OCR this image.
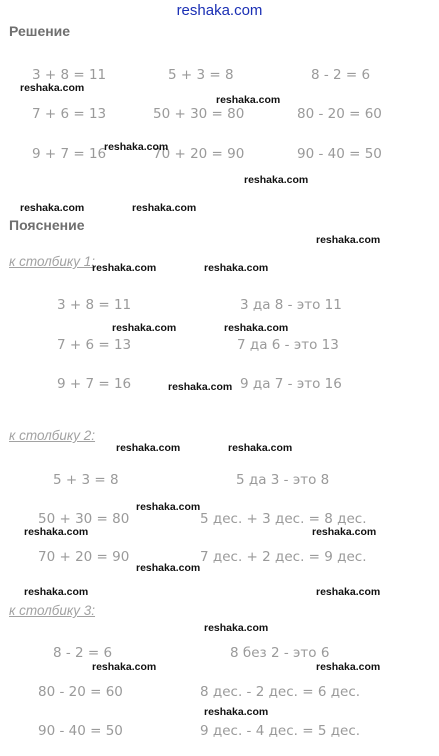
reshaka.com
Решение
3 + 8 = 11	5 + 3 = 8	8 - 2 = 6
7 + 6 = 13	50 + 30 = 80	80 - 20 = 60
9 + 7 = 16	70 + 20 = 90	90 - 40 = 50
Пояснение
к столбику 1:
3 + 8 = 11	3 да 8 - это 11
7 + 6 = 13	7 да 6 - это 13
9 + 7 = 16	9 да 7 - это 16
к столбику 2:
5 + 3 = 8	5 да 3 - это 8
50 + 30 = 80	5 дес. + 3 дес. = 8 дес.
70 + 20 = 90	7 дес. + 2 дес. = 9 дес.
к столбику 3:
8 - 2 = 6	8 без 2 - это 6
80 - 20 = 60	8 дес. - 2 дес. = 6 дес.
90 - 40 = 50	9 дес. - 4 дес. = 5 дес.
reshaka.com
reshaka.com
reshaka.com
reshaka.com
reshaka.com	reshaka.com
reshaka.com
reshaka.com	reshaka.com
reshaka.com	reshaka.com
reshaka.com
reshaka.com	reshaka.com
reshaka.com
reshaka.com	reshaka.com
reshaka.com
reshaka.com	reshaka.com
reshaka.com
reshaka.com	reshaka.com
reshaka.com
